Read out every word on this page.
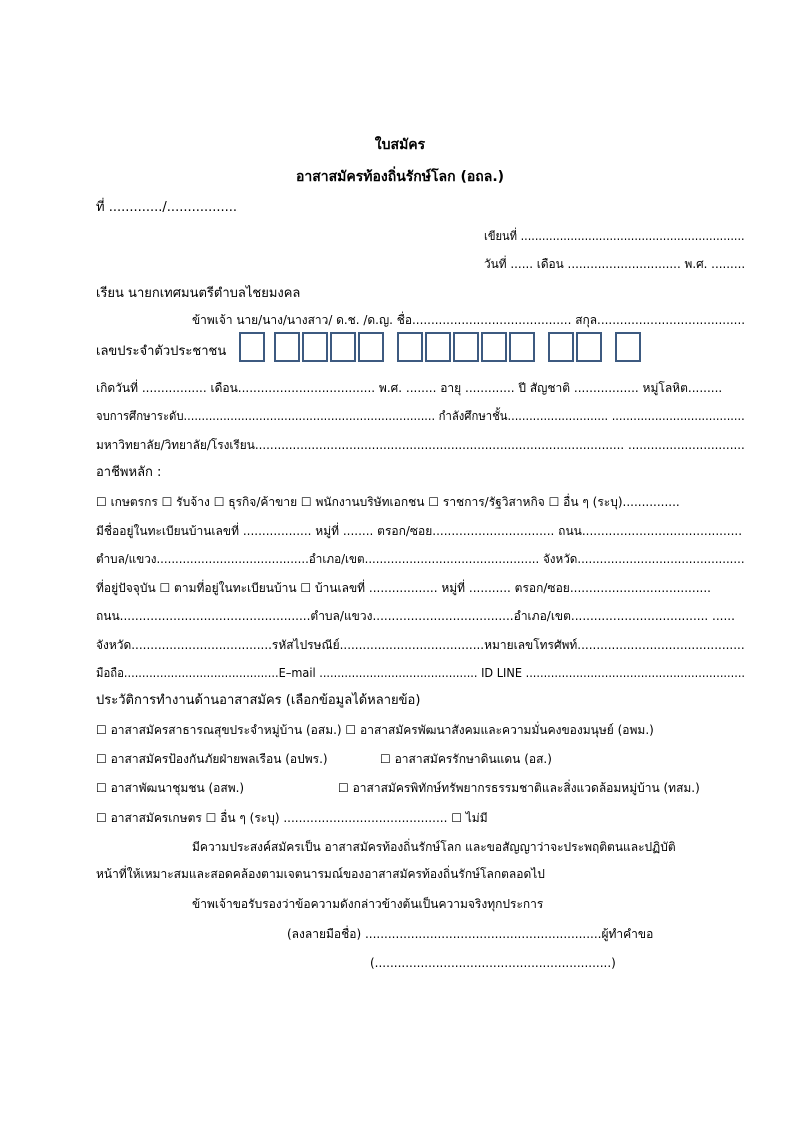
ใบสมัคร
อาสาสมัครท้องถิ่นรักษ์โลก (อถล.)
ที่ ............./.................
เขียนที่ ...............................................................
วันที่ ...... เดือน .............................. พ.ศ. .........
เรียน นายกเทศมนตรีตำบลไชยมงคล
ข้าพเจ้า นาย/นาง/นางสาว/ ด.ช. /ด.ญ. ชื่อ.......................................... สกุล.......................................
เลขประจำตัวประชาชน
เกิดวันที่ ................. เดือน.................................... พ.ศ. ........ อายุ ............. ปี สัญชาติ ................. หมู่โลหิต.........
จบการศึกษาระดับ...................................................................... กำลังศึกษาชั้น............................ .....................................
มหาวิทยาลัย/วิทยาลัย/โรงเรียน.................................................................................................. ...............................
อาชีพหลัก :
☐ เกษตรกร ☐ รับจ้าง ☐ ธุรกิจ/ค้าขาย ☐ พนักงานบริษัทเอกชน ☐ ราชการ/รัฐวิสาหกิจ ☐ อื่น ๆ (ระบุ)...............
มีชื่ออยู่ในทะเบียนบ้านเลขที่ .................. หมู่ที่ ........ ตรอก/ซอย................................ ถนน..........................................
ตำบล/แขวง.........................................อำเภอ/เขต............................................... จังหวัด.............................................
ที่อยู่ปัจจุบัน ☐ ตามที่อยู่ในทะเบียนบ้าน ☐ บ้านเลขที่ .................. หมู่ที่ ........... ตรอก/ซอย.....................................
ถนน..................................................ตำบล/แขวง.....................................อำเภอ/เขต.................................... ......
จังหวัด.....................................รหัสไปรษณีย์......................................หมายเลขโทรศัพท์............................................
มือถือ...........................................E–mail ............................................ ID LINE .............................................................
ประวัติการทำงานด้านอาสาสมัคร (เลือกข้อมูลได้หลายข้อ)
☐ อาสาสมัครสาธารณสุขประจำหมู่บ้าน (อสม.) ☐ อาสาสมัครพัฒนาสังคมและความมั่นคงของมนุษย์ (อพม.)
☐ อาสาสมัครป้องกันภัยฝ่ายพลเรือน (อปพร.)	☐ อาสาสมัครรักษาดินแดน (อส.)
☐ อาสาพัฒนาชุมชน (อสพ.)	☐ อาสาสมัครพิทักษ์ทรัพยากรธรรมชาติและสิ่งแวดล้อมหมู่บ้าน (ทสม.)
☐ อาสาสมัครเกษตร ☐ อื่น ๆ (ระบุ) ........................................... ☐ ไม่มี
มีความประสงค์สมัครเป็น อาสาสมัครท้องถิ่นรักษ์โลก และขอสัญญาว่าจะประพฤติตนและปฏิบัติ
หน้าที่ให้เหมาะสมและสอดคล้องตามเจตนารมณ์ของอาสาสมัครท้องถิ่นรักษ์โลกตลอดไป
ข้าพเจ้าขอรับรองว่าข้อความดังกล่าวข้างต้นเป็นความจริงทุกประการ
(ลงลายมือชื่อ) ..............................................................ผู้ทำคำขอ
(..............................................................)
